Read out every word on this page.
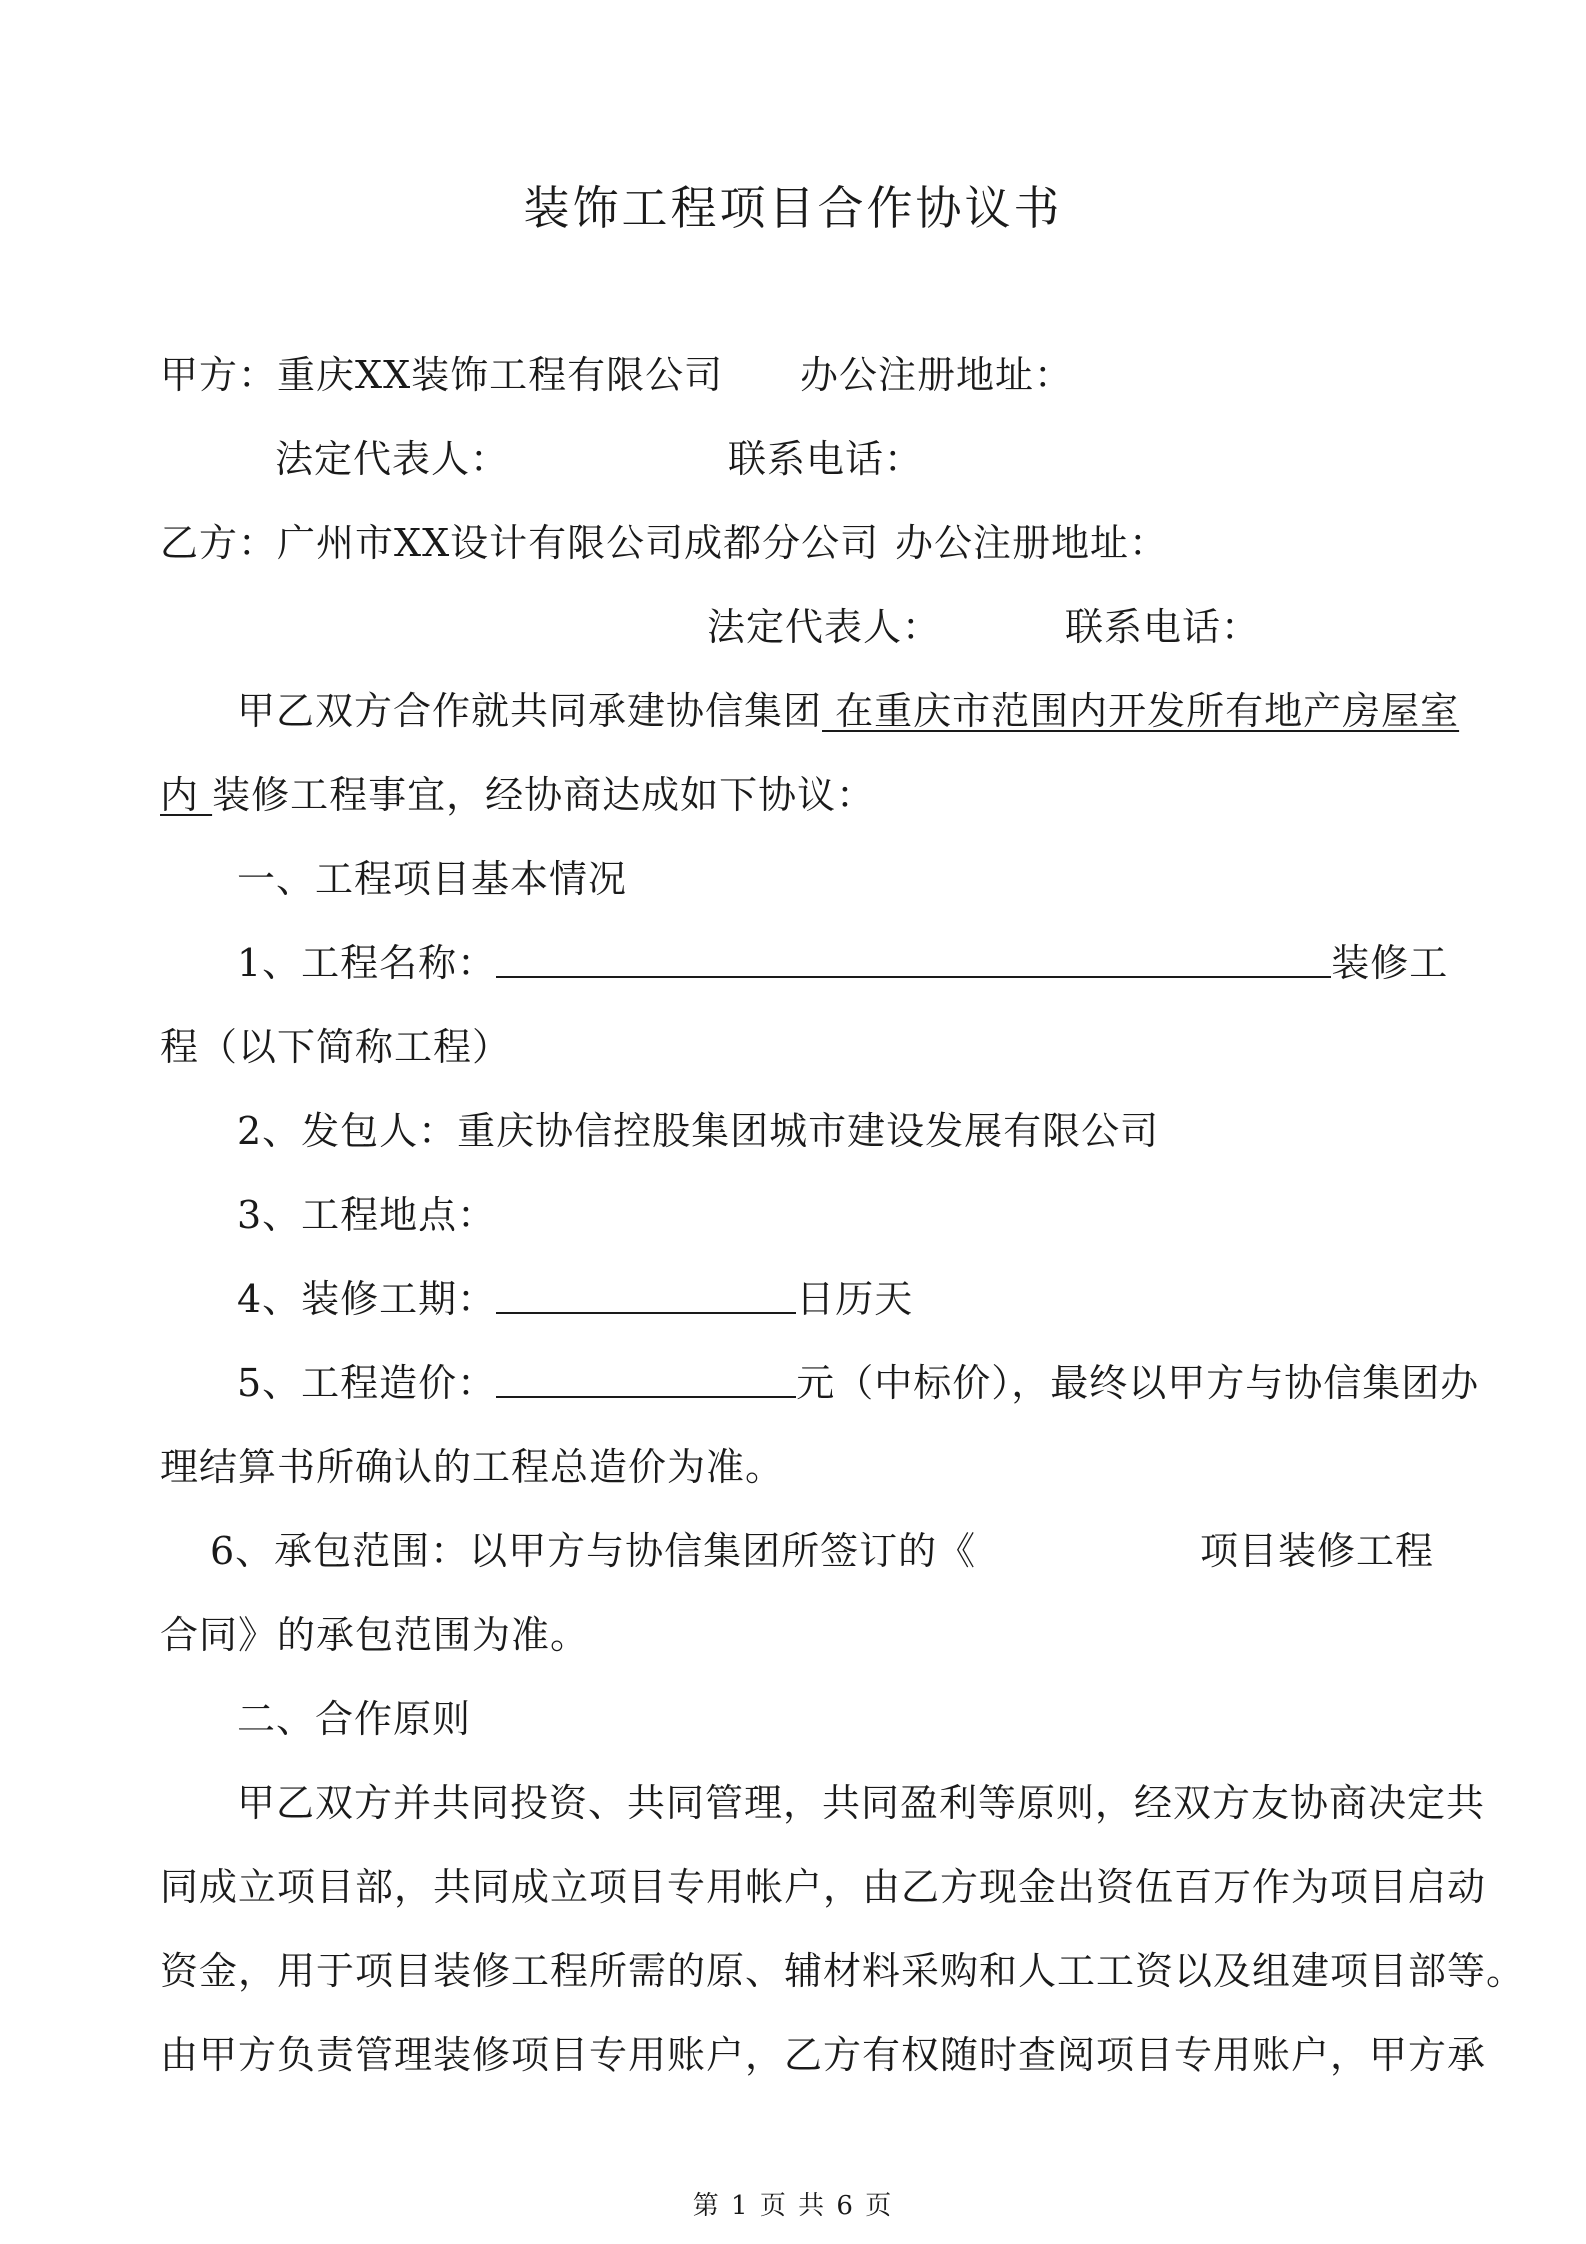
装饰工程项目合作协议书
甲方：重庆XX装饰工程有限公司 办公注册地址：
法定代表人：	联系电话：
乙方：广州市XX设计有限公司成都分公司 办公注册地址：
法定代表人：	联系电话：
甲乙双方合作就共同承建协信集团 在重庆市范围内开发所有地产房屋室
内 装修工程事宜，经协商达成如下协议：
一、工程项目基本情况
1、工程名称：	装修工
程（以下简称工程）
2、发包人：重庆协信控股集团城市建设发展有限公司
3、工程地点：
4、装修工期：	日历天
5、工程造价：	元（中标价），最终以甲方与协信集团办
理结算书所确认的工程总造价为准。
6、承包范围：以甲方与协信集团所签订的《	项目装修工程
合同》的承包范围为准。
二、合作原则
甲乙双方并共同投资、共同管理，共同盈利等原则，经双方友协商决定共
同成立项目部，共同成立项目专用帐户，由乙方现金出资伍百万作为项目启动
资金，用于项目装修工程所需的原、辅材料采购和人工工资以及组建项目部等。
由甲方负责管理装修项目专用账户，乙方有权随时查阅项目专用账户，甲方承
第 1 页 共 6 页
